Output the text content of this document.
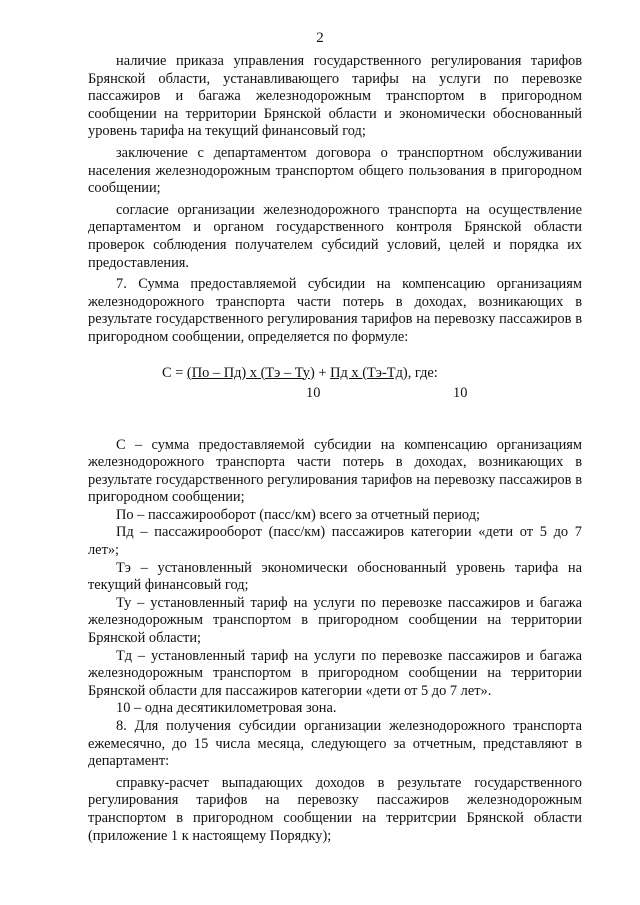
2

наличие приказа управления государственного регулирования тарифов Брянской области, устанавливающего тарифы на услуги по перевозке пассажиров и багажа железнодорожным транспортом в пригородном сообщении на территории Брянской области и экономически обоснованный уровень тарифа на текущий финансовый год;

заключение с департаментом договора о транспортном обслуживании населения железнодорожным транспортом общего пользования в пригородном сообщении;

согласие организации железнодорожного транспорта на осуществление департаментом и органом государственного контроля Брянской области проверок соблюдения получателем субсидий условий, целей и порядка их предоставления.

7. Сумма предоставляемой субсидии на компенсацию организациям железнодорожного транспорта части потерь в доходах, возникающих в результате государственного регулирования тарифов на перевозку пассажиров в пригородном сообщении, определяется по формуле:

С = (По – Пд) х (Тэ – Ту) + Пд х (Тэ-Тд), где:
10	10

С – сумма предоставляемой субсидии на компенсацию организациям железнодорожного транспорта части потерь в доходах, возникающих в результате государственного регулирования тарифов на перевозку пассажиров в пригородном сообщении;

По – пассажирооборот (пасс/км) всего за отчетный период;

Пд – пассажирооборот (пасс/км) пассажиров категории «дети от 5 до 7 лет»;

Тэ – установленный экономически обоснованный уровень тарифа на текущий финансовый год;

Ту – установленный тариф на услуги по перевозке пассажиров и багажа железнодорожным транспортом в пригородном сообщении на территории Брянской области;

Тд – установленный тариф на услуги по перевозке пассажиров и багажа железнодорожным транспортом в пригородном сообщении на территории Брянской области для пассажиров категории «дети от 5 до 7 лет».

10 – одна десятикилометровая зона.

8. Для получения субсидии организации железнодорожного транспорта ежемесячно, до 15 числа месяца, следующего за отчетным, представляют в департамент:

справку-расчет выпадающих доходов в результате государственного регулирования тарифов на перевозку пассажиров железнодорожным транспортом в пригородном сообщении на территсрии Брянской области (приложение 1 к настоящему Порядку);
